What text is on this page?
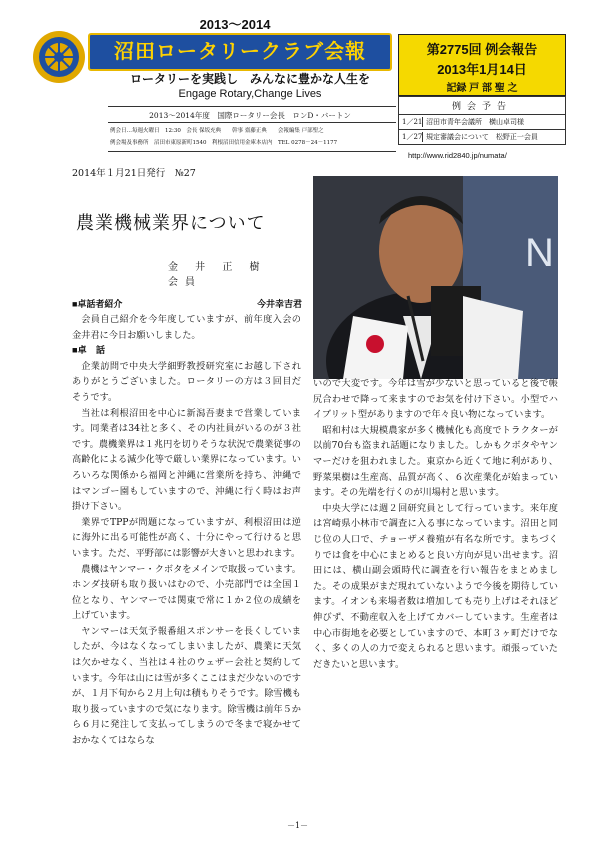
2013～2014
沼田ロータリークラブ会報
ロータリーを実践し　みんなに豊かな人生を
Engage Rotary,Change Lives
2013～2014年度　国際ロータリー会長　ロンD・バートン
例会日…毎週火曜日　12:30　会長 保坂充典　　幹事 齋藤正典　　会報編集 戸部聖之
例会場及事務所　沼田市東原新町1540　利根沼田信用金庫本店内　TEL 0278－24－1177
第2775回 例会報告
2013年1月14日
記録 戸 部 聖 之
例会予告
1／21 沼田市青年会議所　横山卓司様
1／27 規定審議会について　松野正一会員
http://www.rid2840.jp/numata/
2014年１月21日発行　№27
農業機械業界について
金 井 正 樹 会員
N
■卓話者紹介	今井幸吉君

会員自己紹介を今年度していますが、前年度入会の金井君に今日お願いしました。

■卓　話

企業訪問で中央大学細野教授研究室にお越し下されありがとうございました。ロータリーの方は３回目だそうです。

当社は利根沼田を中心に新潟吾妻まで営業しています。同業者は34社と多く、その内社員がいるのが３社です。農機業界は１兆円を切りそうな状況で農業従事の高齢化による減少化等で厳しい業界になっています。いろいろな関係から福岡と沖縄に営業所を持ち、沖縄ではマンゴー園もしていますので、沖縄に行く時はお声掛け下さい。

業界でTPPが問題になっていますが、利根沼田は逆に海外に出る可能性が高く、十分にやって行けると思います。ただ、平野部には影響が大きいと思われます。

農機はヤンマー・クボタをメインで取扱っています。ホンダ技研も取り扱いはむので、小売部門では全国１位となり、ヤンマーでは関東で常に１か２位の成績を上げています。

ヤンマーは天気予報番組スポンサーを長くしていましたが、今はなくなってしまいましたが、農業に天気は欠かせなく、当社は４社のウェザー会社と契約しています。今年は山には雪が多くここはまだ少ないのですが、１月下旬から２月上旬は積もりそうです。除雪機も取り扱っていますので気になります。除雪機は前年５から６月に発注して支払ってしまうので冬まで寝かせておかなくてはならな

いので大変です。今年は雪が少ないと思っていると後で帳尻合わせで降って来ますのでお気を付け下さい。小型でハイブリット型がありますので年々良い物になっています。

昭和村は大規模農家が多く機械化も高度でトラクターが以前70台も盗まれ話題になりました。しかもクボタやヤンマーだけを狙われました。東京から近くて地に利があり、野菜果樹は生産高、品質が高く、６次産業化が始まっています。その先端を行くのが川場村と思います。

中央大学には週２回研究員として行っています。来年度は宮崎県小林市で調査に入る事になっています。沼田と同じ位の人口で、チョーザメ養殖が有名な所です。まちづくりでは食を中心にまとめると良い方向が見い出せます。沼田には、横山副会頭時代に調査を行い報告をまとめました。その成果がまだ現れていないようで今後を期待しています。イオンも来場者数は増加しても売り上げはそれほど伸びず、不動産収入を上げてカバーしています。生産者は中心市街地を必要としていますので、本町３ヶ町だけでなく、多くの人の力で変えられると思います。頑張っていただきたいと思います。

－1－
